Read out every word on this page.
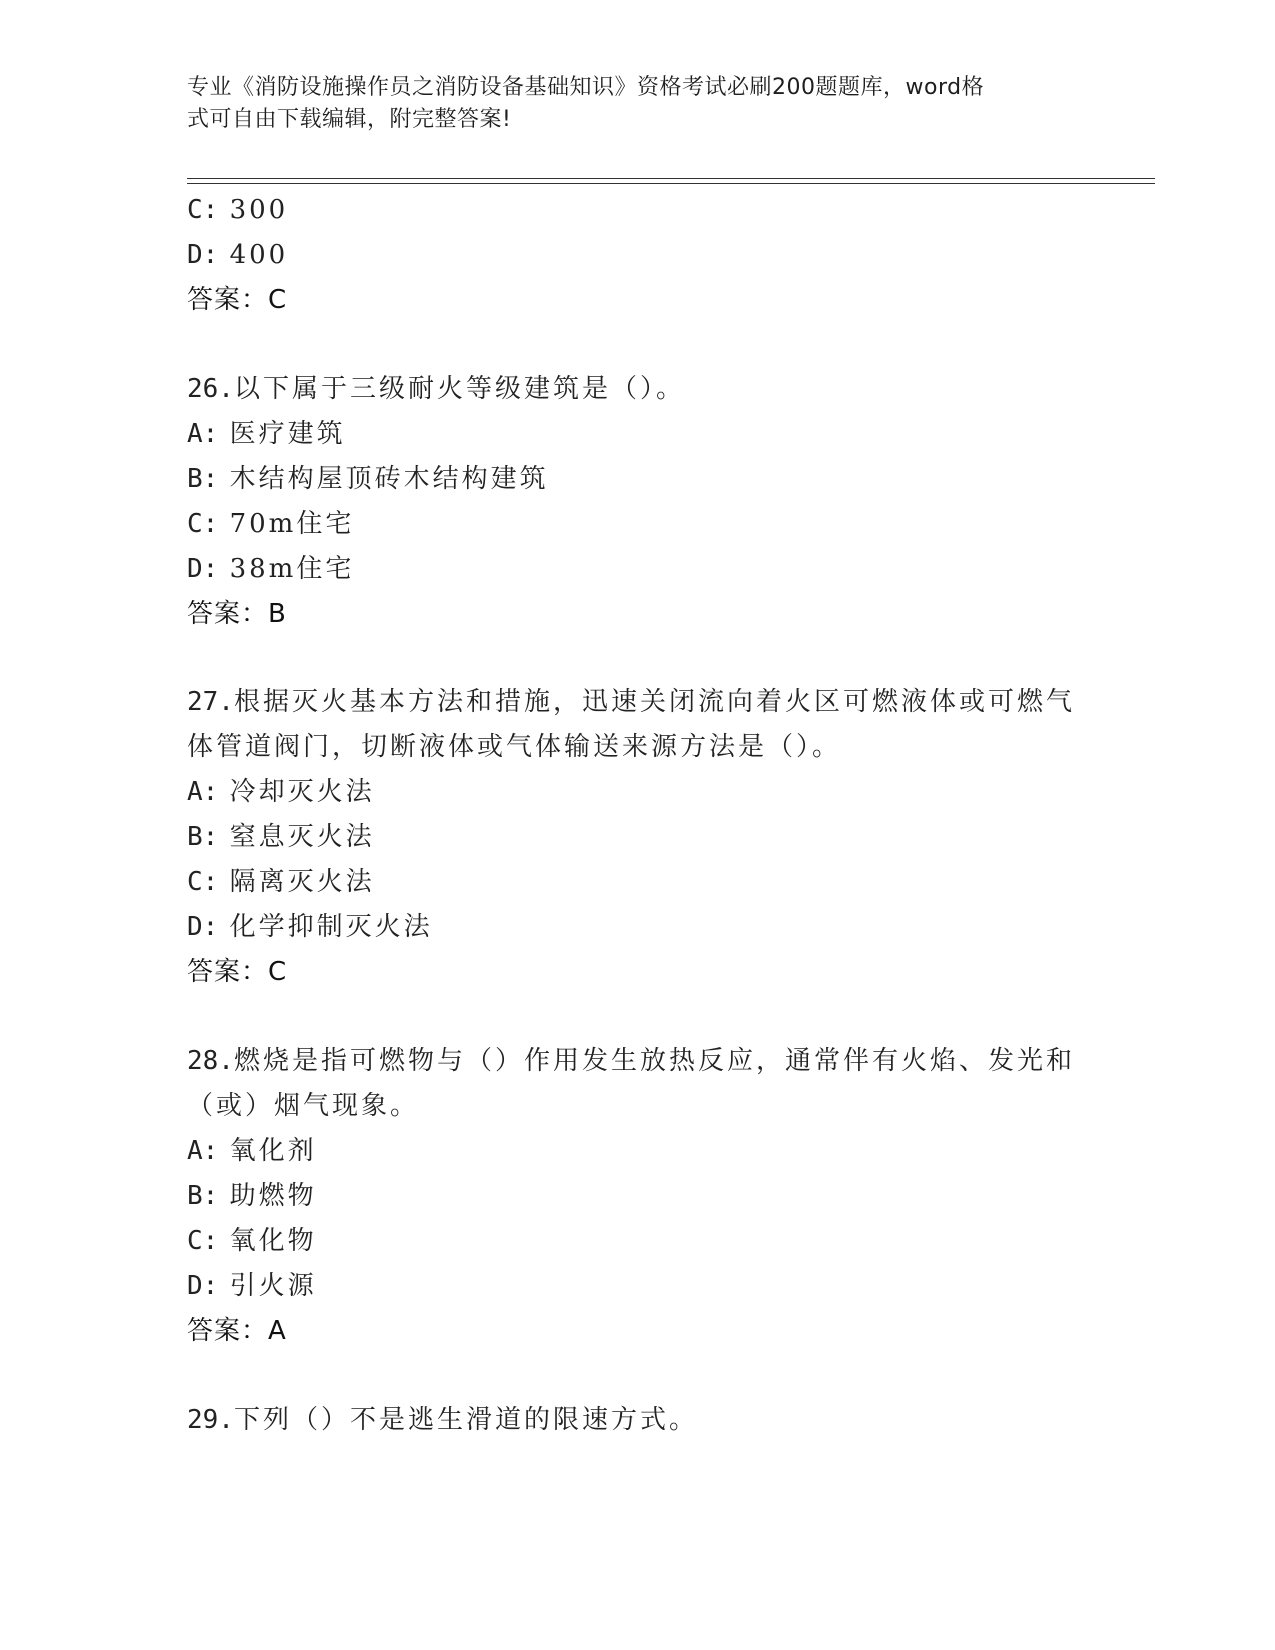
专业《消防设施操作员之消防设备基础知识》资格考试必刷200题题库，word格
式可自由下载编辑，附完整答案!
C: 300
D: 400
答案：C
26.以下属于三级耐火等级建筑是（）。
A: 医疗建筑
B: 木结构屋顶砖木结构建筑
C: 70m住宅
D: 38m住宅
答案：B
27.根据灭火基本方法和措施，迅速关闭流向着火区可燃液体或可燃气
体管道阀门，切断液体或气体输送来源方法是（）。
A: 冷却灭火法
B: 窒息灭火法
C: 隔离灭火法
D: 化学抑制灭火法
答案：C
28.燃烧是指可燃物与（）作用发生放热反应，通常伴有火焰、发光和
（或）烟气现象。
A: 氧化剂
B: 助燃物
C: 氧化物
D: 引火源
答案：A
29.下列（）不是逃生滑道的限速方式。
